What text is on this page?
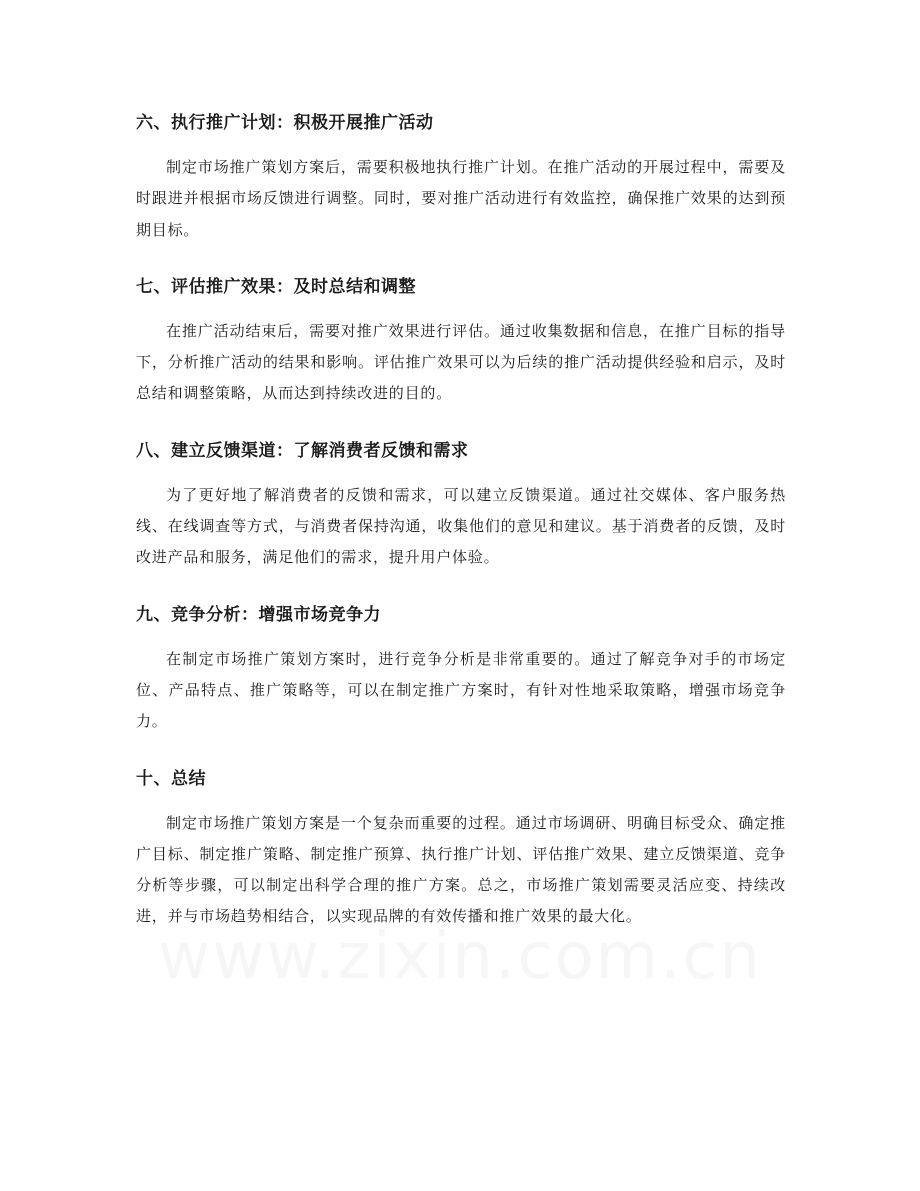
六、执行推广计划：积极开展推广活动
制定市场推广策划方案后，需要积极地执行推广计划。在推广活动的开展过程中，需要及时跟进并根据市场反馈进行调整。同时，要对推广活动进行有效监控，确保推广效果的达到预期目标。
七、评估推广效果：及时总结和调整
在推广活动结束后，需要对推广效果进行评估。通过收集数据和信息，在推广目标的指导下，分析推广活动的结果和影响。评估推广效果可以为后续的推广活动提供经验和启示，及时总结和调整策略，从而达到持续改进的目的。
八、建立反馈渠道：了解消费者反馈和需求
为了更好地了解消费者的反馈和需求，可以建立反馈渠道。通过社交媒体、客户服务热线、在线调查等方式，与消费者保持沟通，收集他们的意见和建议。基于消费者的反馈，及时改进产品和服务，满足他们的需求，提升用户体验。
九、竞争分析：增强市场竞争力
在制定市场推广策划方案时，进行竞争分析是非常重要的。通过了解竞争对手的市场定位、产品特点、推广策略等，可以在制定推广方案时，有针对性地采取策略，增强市场竞争力。
十、总结
制定市场推广策划方案是一个复杂而重要的过程。通过市场调研、明确目标受众、确定推广目标、制定推广策略、制定推广预算、执行推广计划、评估推广效果、建立反馈渠道、竞争分析等步骤，可以制定出科学合理的推广方案。总之，市场推广策划需要灵活应变、持续改进，并与市场趋势相结合，以实现品牌的有效传播和推广效果的最大化。
